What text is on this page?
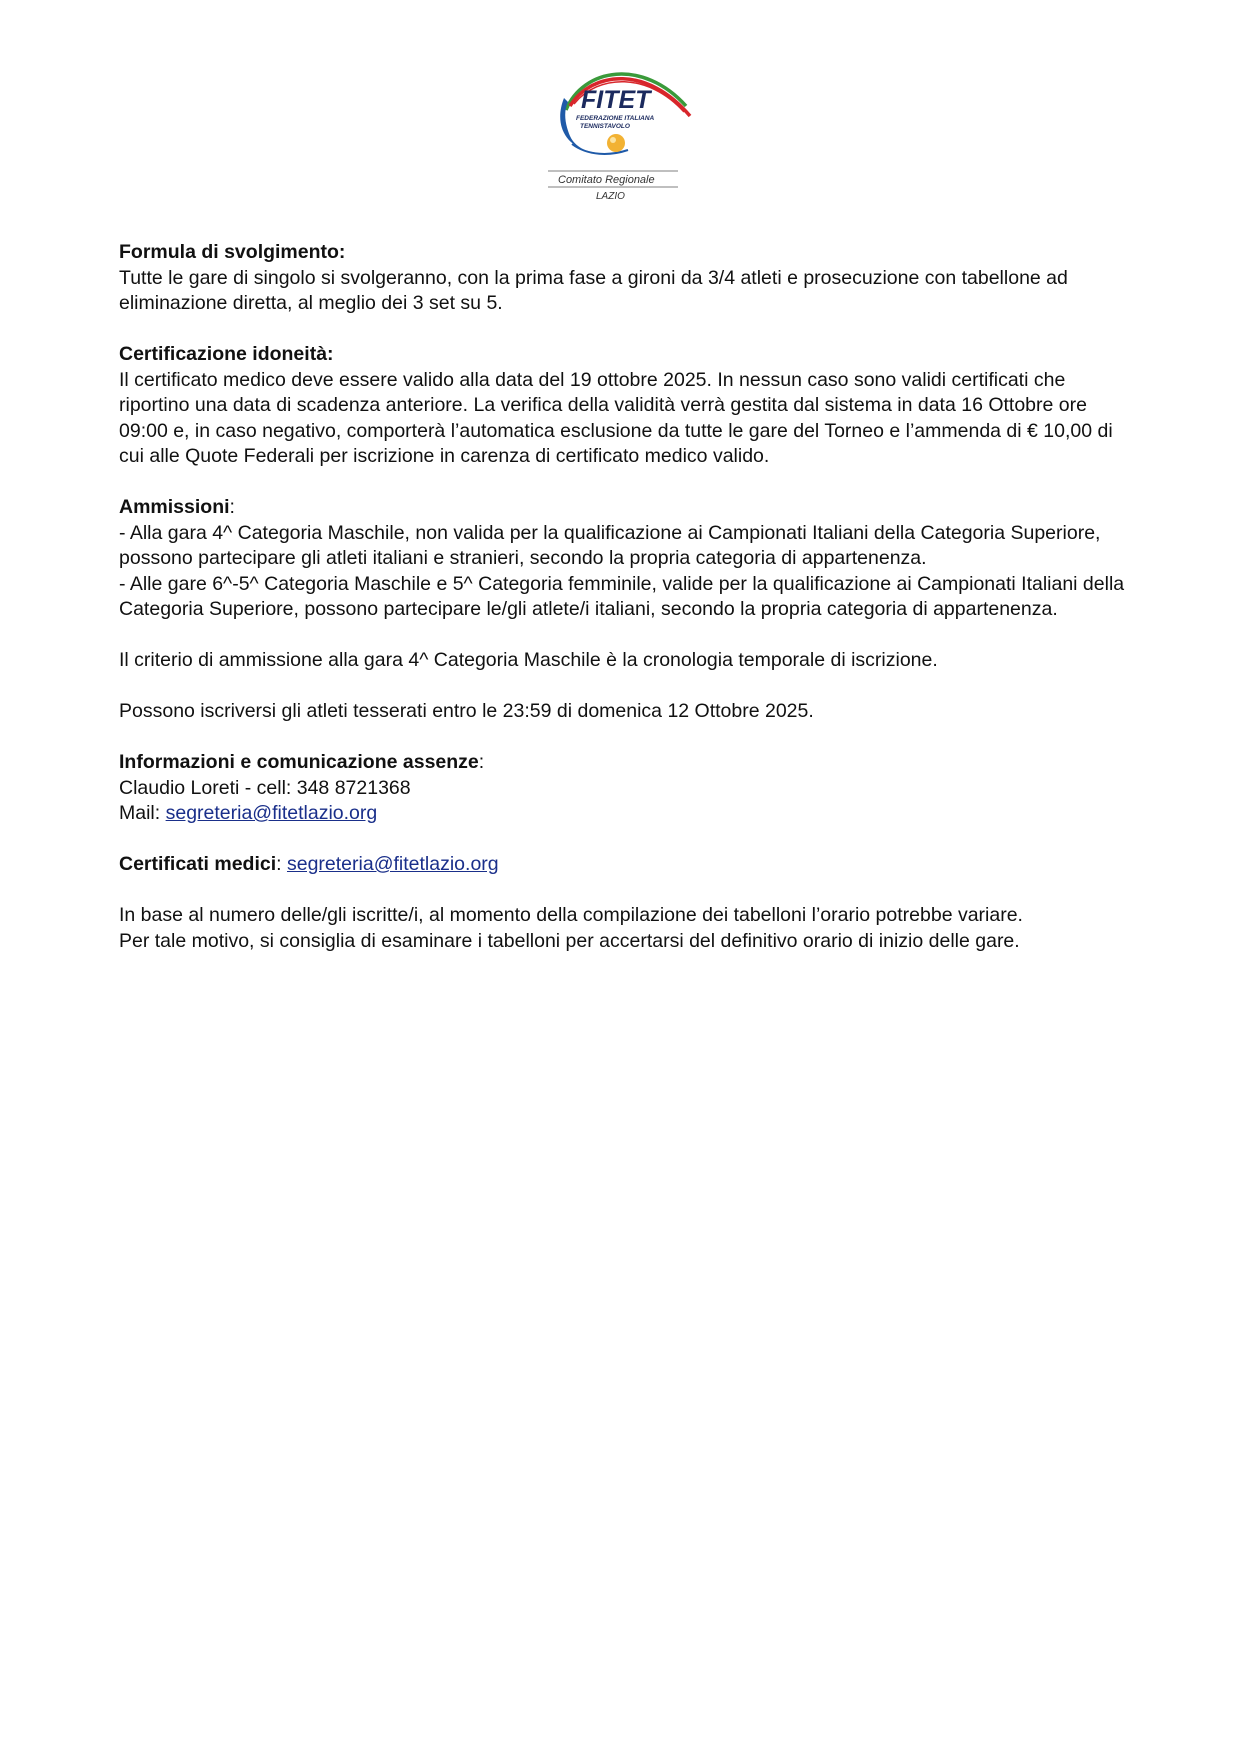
FITET
FEDERAZIONE ITALIANA
TENNISTAVOLO
Comitato Regionale
LAZIO

Formula di svolgimento:

Tutte le gare di singolo si svolgeranno, con la prima fase a gironi da 3/4 atleti e prosecuzione con tabellone ad eliminazione diretta, al meglio dei 3 set su 5.

Certificazione idoneità:

Il certificato medico deve essere valido alla data del 19 ottobre 2025. In nessun caso sono validi certificati che riportino una data di scadenza anteriore. La verifica della validità verrà gestita dal sistema in data 16 Ottobre ore 09:00 e, in caso negativo, comporterà l’automatica esclusione da tutte le gare del Torneo e l’ammenda di € 10,00 di cui alle Quote Federali per iscrizione in carenza di certificato medico valido.

Ammissioni:

- Alla gara 4^ Categoria Maschile, non valida per la qualificazione ai Campionati Italiani della Categoria Superiore, possono partecipare gli atleti italiani e stranieri, secondo la propria categoria di appartenenza.

- Alle gare 6^-5^ Categoria Maschile e 5^ Categoria femminile, valide per la qualificazione ai Campionati Italiani della Categoria Superiore, possono partecipare le/gli atlete/i italiani, secondo la propria categoria di appartenenza.

Il criterio di ammissione alla gara 4^ Categoria Maschile è la cronologia temporale di iscrizione.

Possono iscriversi gli atleti tesserati entro le 23:59 di domenica 12 Ottobre 2025.

Informazioni e comunicazione assenze:

Claudio Loreti - cell: 348 8721368

Mail: segreteria@fitetlazio.org

Certificati medici: segreteria@fitetlazio.org

In base al numero delle/gli iscritte/i, al momento della compilazione dei tabelloni l’orario potrebbe variare.

Per tale motivo, si consiglia di esaminare i tabelloni per accertarsi del definitivo orario di inizio delle gare.
